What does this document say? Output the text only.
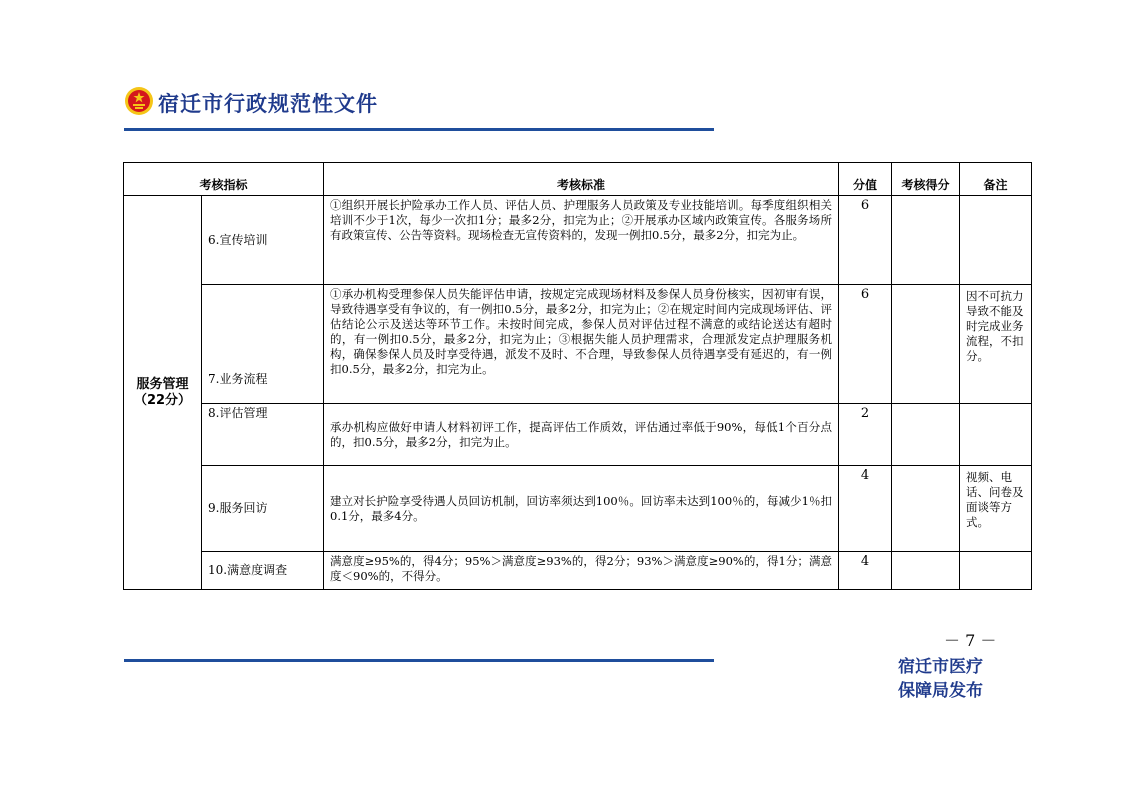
宿迁市行政规范性文件
考核指标		考核标准	分值	考核得分	备注

服务管理
（22分）	6.宣传培训	①组织开展长护险承办工作人员、评估人员、护理服务人员政策及专业技能培训。每季度组织相关培训不少于1次，每少一次扣1分；最多2分，扣完为止；②开展承办区域内政策宣传。各服务场所有政策宣传、公告等资料。现场检查无宣传资料的，发现一例扣0.5分，最多2分，扣完为止。	6		
	7.业务流程	①承办机构受理参保人员失能评估申请，按规定完成现场材料及参保人员身份核实，因初审有误，导致待遇享受有争议的，有一例扣0.5分，最多2分，扣完为止；②在规定时间内完成现场评估、评估结论公示及送达等环节工作。未按时间完成，参保人员对评估过程不满意的或结论送达有超时的，有一例扣0.5分，最多2分，扣完为止；③根据失能人员护理需求，合理派发定点护理服务机构，确保参保人员及时享受待遇，派发不及时、不合理，导致参保人员待遇享受有延迟的，有一例扣0.5分，最多2分，扣完为止。	6		因不可抗力导致不能及时完成业务流程，不扣分。
	8.评估管理	承办机构应做好申请人材料初评工作，提高评估工作质效，评估通过率低于90%，每低1个百分点的，扣0.5分，最多2分，扣完为止。	2		
	9.服务回访	建立对长护险享受待遇人员回访机制，回访率须达到100％。回访率未达到100％的，每减少1％扣0.1分，最多4分。	4		视频、电话、问卷及面谈等方式。
	10.满意度调查	满意度≥95%的，得4分；95%＞满意度≥93%的，得2分；93%＞满意度≥90%的，得1分；满意度＜90%的，不得分。	4		
－ 7 －
宿迁市医疗
保障局发布
